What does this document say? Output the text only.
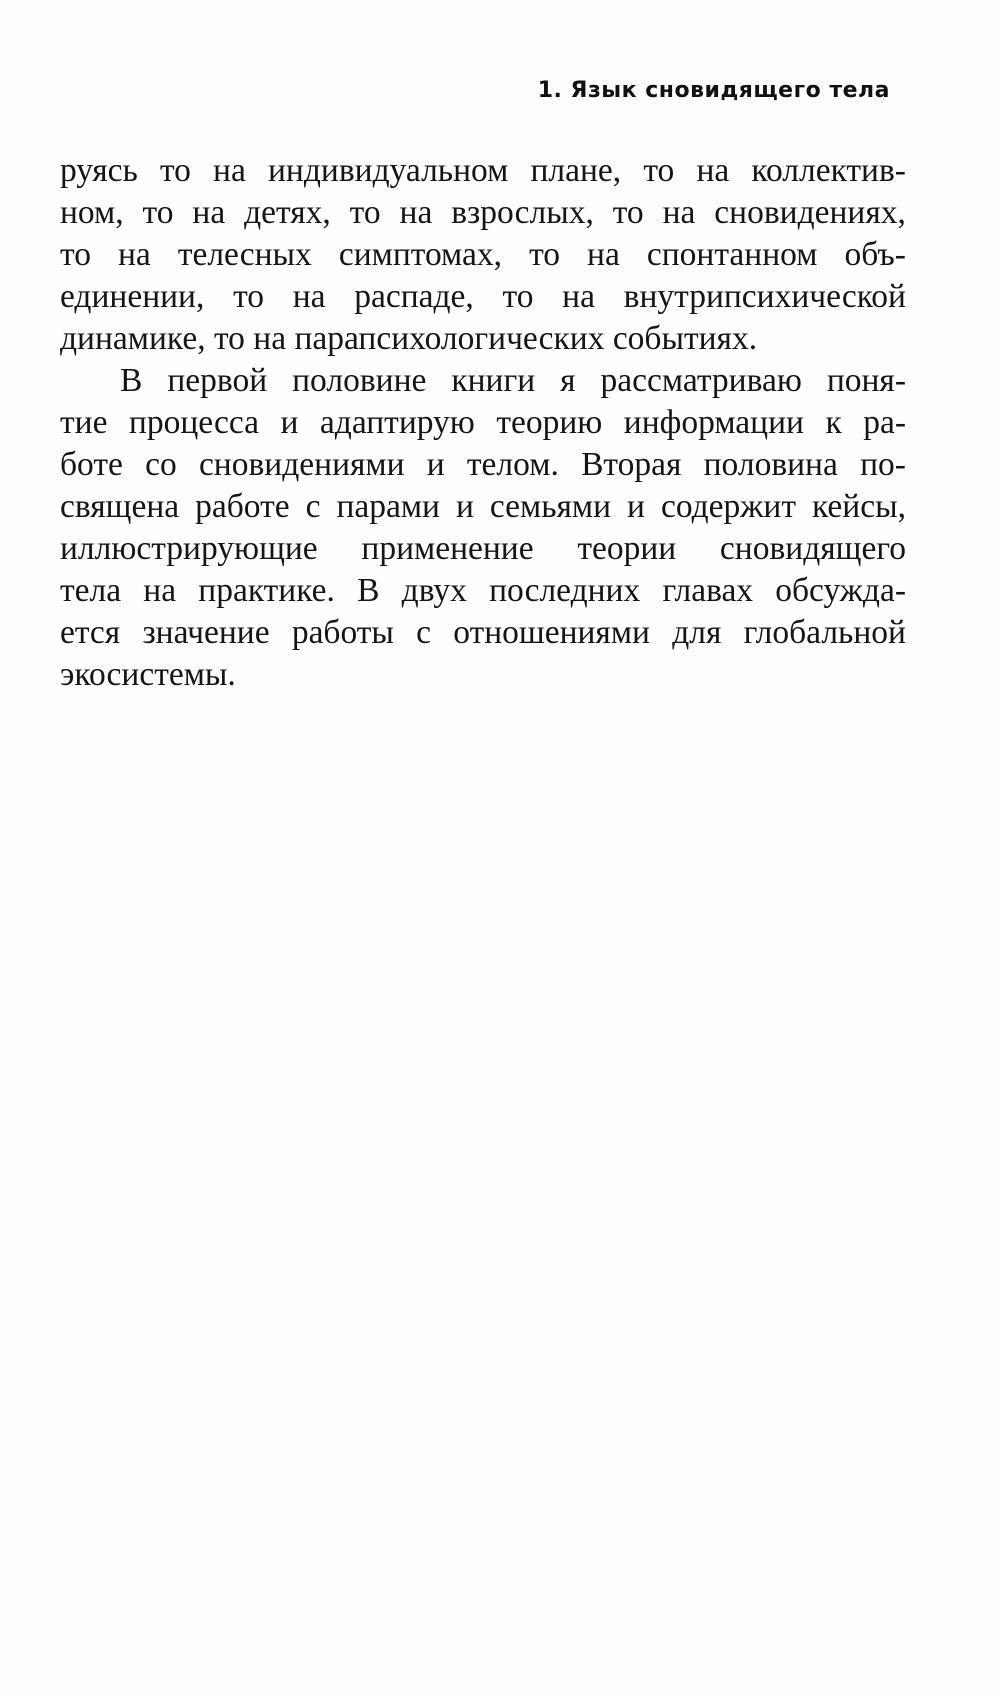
1. Язык сновидящего тела
руясь то на индивидуальном плане, то на коллектив-
ном, то на детях, то на взрослых, то на сновидениях,
то на телесных симптомах, то на спонтанном объ-
единении, то на распаде, то на внутрипсихической
динамике, то на парапсихологических событиях.
В первой половине книги я рассматриваю поня-
тие процесса и адаптирую теорию информации к ра-
боте со сновидениями и телом. Вторая половина по-
священа работе с парами и семьями и содержит кейсы,
иллюстрирующие применение теории сновидящего
тела на практике. В двух последних главах обсужда-
ется значение работы с отношениями для глобальной
экосистемы.
